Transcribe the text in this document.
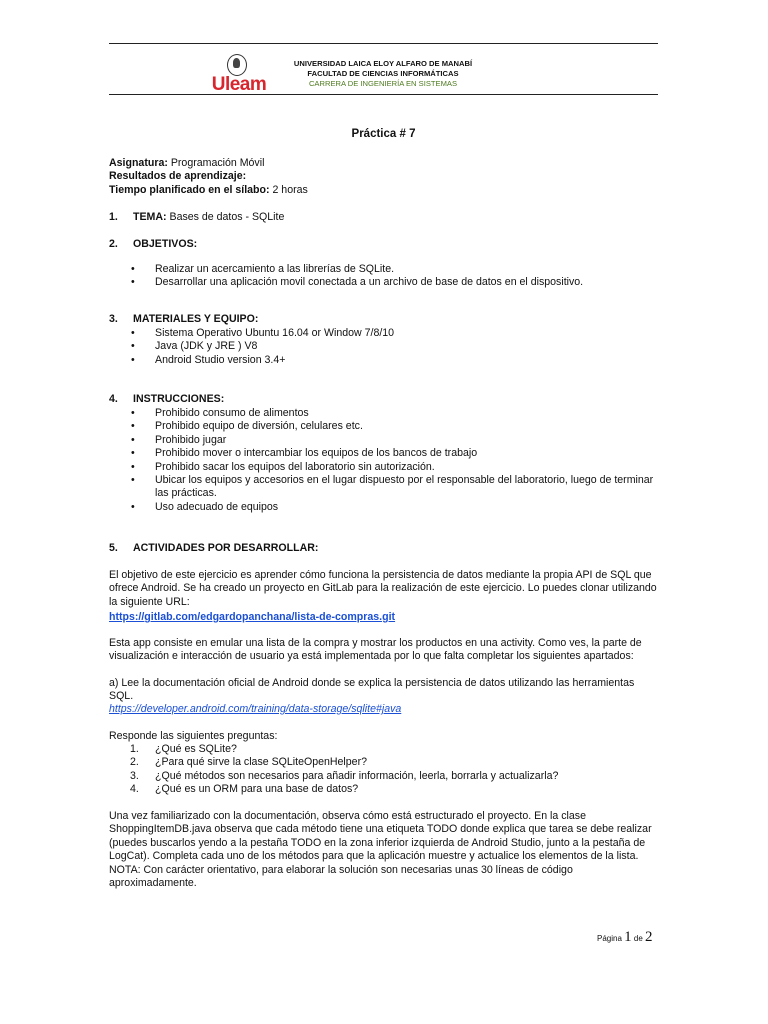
Uleam
UNIVERSIDAD LAICA ELOY ALFARO DE MANABÍ
FACULTAD DE CIENCIAS INFORMÁTICAS
CARRERA DE INGENIERÍA EN SISTEMAS
Práctica # 7
Asignatura: Programación Móvil
Resultados de aprendizaje:
Tiempo planificado en el sílabo: 2 horas
1.	TEMA: Bases de datos - SQLite
2.	OBJETIVOS:
• Realizar un acercamiento a las librerías de SQLite.
• Desarrollar una aplicación movil conectada a un archivo de base de datos en el dispositivo.
3.	MATERIALES Y EQUIPO:
• Sistema Operativo Ubuntu 16.04 or Window 7/8/10
• Java (JDK y JRE ) V8
• Android Studio version 3.4+
4.	INSTRUCCIONES:
• Prohibido consumo de alimentos
• Prohibido equipo de diversión, celulares etc.
• Prohibido jugar
• Prohibido mover o intercambiar los equipos de los bancos de trabajo
• Prohibido sacar los equipos del laboratorio sin autorización.
• Ubicar los equipos y accesorios en el lugar dispuesto por el responsable del laboratorio, luego de terminar las prácticas.
• Uso adecuado de equipos
5.	ACTIVIDADES POR DESARROLLAR:

El objetivo de este ejercicio es aprender cómo funciona la persistencia de datos mediante la propia API de SQL que ofrece Android. Se ha creado un proyecto en GitLab para la realización de este ejercicio. Lo puedes clonar utilizando la siguiente URL:

https://gitlab.com/edgardopanchana/lista-de-compras.git

Esta app consiste en emular una lista de la compra y mostrar los productos en una activity. Como ves, la parte de visualización e interacción de usuario ya está implementada por lo que falta completar los siguientes apartados:

a) Lee la documentación oficial de Android donde se explica la persistencia de datos utilizando las herramientas SQL.

https://developer.android.com/training/data-storage/sqlite#java

Responde las siguientes preguntas:

1. ¿Qué es SQLite?
2. ¿Para qué sirve la clase SQLiteOpenHelper?
3. ¿Qué métodos son necesarios para añadir información, leerla, borrarla y actualizarla?
4. ¿Qué es un ORM para una base de datos?

Una vez familiarizado con la documentación, observa cómo está estructurado el proyecto. En la clase ShoppingItemDB.java observa que cada método tiene una etiqueta TODO donde explica que tarea se debe realizar (puedes buscarlos yendo a la pestaña TODO en la zona inferior izquierda de Android Studio, junto a la pestaña de LogCat). Completa cada uno de los métodos para que la aplicación muestre y actualice los elementos de la lista. NOTA: Con carácter orientativo, para elaborar la solución son necesarias unas 30 líneas de código aproximadamente.

Página 1 de 2
